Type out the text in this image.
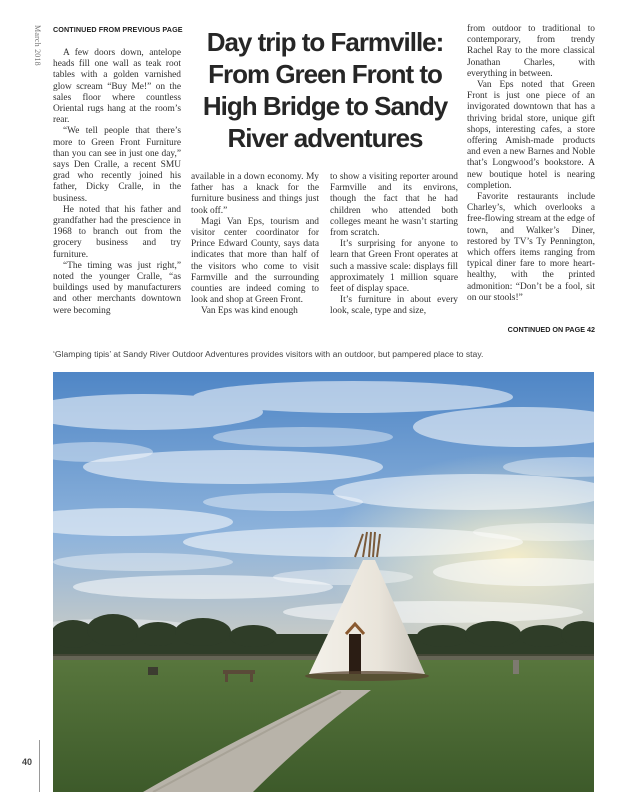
March 2018
40
CONTINUED FROM PREVIOUS PAGE

A few doors down, antelope heads fill one wall as teak root tables with a golden varnished glow scream “Buy Me!” on the sales floor where countless Oriental rugs hang at the room’s rear.

“We tell people that there’s more to Green Front Furniture than you can see in just one day,” says Den Cralle, a recent SMU grad who recently joined his father, Dicky Cralle, in the business.

He noted that his father and grandfather had the prescience in 1968 to branch out from the grocery business and try furniture.

“The timing was just right,” noted the younger Cralle, “as buildings used by manufacturers and other merchants downtown were becoming

Day trip to Farmville: From Green Front to High Bridge to Sandy River adventures

available in a down economy. My father has a knack for the furniture business and things just took off.”

Magi Van Eps, tourism and visitor center coordinator for Prince Edward County, says data indicates that more than half of the visitors who come to visit Farmville and the surrounding counties are indeed coming to look and shop at Green Front.

Van Eps was kind enough

to show a visiting reporter around Farmville and its environs, though the fact that he had children who attended both colleges meant he wasn’t starting from scratch.

It’s surprising for anyone to learn that Green Front operates at such a massive scale: displays fill approximately 1 million square feet of display space.

It’s furniture in about every look, scale, type and size,

from outdoor to traditional to contemporary, from trendy Rachel Ray to the more classical Jonathan Charles, with everything in between.

Van Eps noted that Green Front is just one piece of an invigorated downtown that has a thriving bridal store, unique gift shops, interesting cafes, a store offering Amish-made products and even a new Barnes and Noble that’s Longwood’s bookstore. A new boutique hotel is nearing completion.

Favorite restaurants include Charley’s, which overlooks a free-flowing stream at the edge of town, and Walker’s Diner, restored by TV’s Ty Pennington, which offers items ranging from typical diner fare to more heart-healthy, with the printed admonition: “Don’t be a fool, sit on our stools!”

CONTINUED ON PAGE 42
‘Glamping tipis’ at Sandy River Outdoor Adventures provides visitors with an outdoor, but pampered place to stay.
